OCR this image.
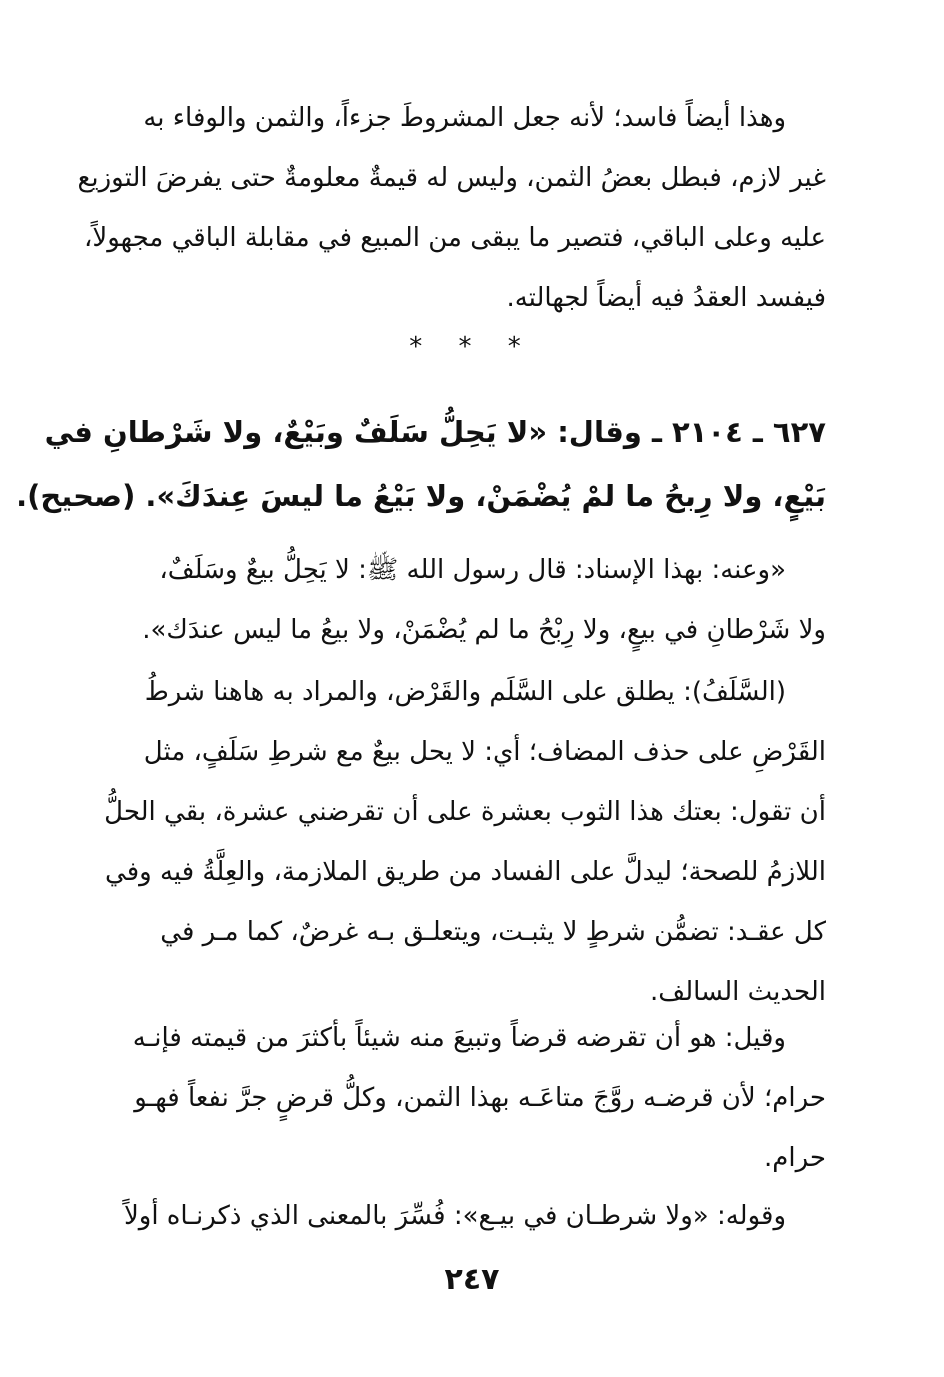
وهذا أيضاً فاسد؛ لأنه جعل المشروطَ جزءاً، والثمن والوفاء به
غير لازم، فبطل بعضُ الثمن، وليس له قيمةٌ معلومةٌ حتى يفرضَ التوزيع
عليه وعلى الباقي، فتصير ما يبقى من المبيع في مقابلة الباقي مجهولاً،
فيفسد العقدُ فيه أيضاً لجهالته.
* * *
٦٢٧ ـ ٢١٠٤ ـ وقال: «لا يَحِلُّ سَلَفٌ وبَيْعٌ، ولا شَرْطانِ في
بَيْعٍ، ولا رِبحُ ما لمْ يُضْمَنْ، ولا بَيْعُ ما ليسَ عِندَكَ». (صحيح).
«وعنه: بهذا الإسناد: قال رسول الله ﷺ: لا يَحِلُّ بيعٌ وسَلَفٌ،
ولا شَرْطانِ في بيعٍ، ولا رِبْحُ ما لم يُضْمَنْ، ولا بيعُ ما ليس عندَك».
(السَّلَفُ): يطلق على السَّلَم والقَرْض، والمراد به هاهنا شرطُ
القَرْضِ على حذف المضاف؛ أي: لا يحل بيعٌ مع شرطِ سَلَفٍ، مثل
أن تقول: بعتك هذا الثوب بعشرة على أن تقرضني عشرة، بقي الحلُّ
اللازمُ للصحة؛ ليدلَّ على الفساد من طريق الملازمة، والعِلَّةُ فيه وفي
كل عقـد: تضمُّن شرطٍ لا يثبـت، ويتعلـق بـه غرضٌ، كما مـر في
الحديث السالف.
وقيل: هو أن تقرضه قرضاً وتبيعَ منه شيئاً بأكثرَ من قيمته فإنـه
حرام؛ لأن قرضـه روَّجَ متاعَـه بهذا الثمن، وكلُّ قرضٍ جرَّ نفعاً فهـو
حرام.
وقوله: «ولا شرطـان في بيـع»: فُسِّرَ بالمعنى الذي ذكرنـاه أولاً
٢٤٧
